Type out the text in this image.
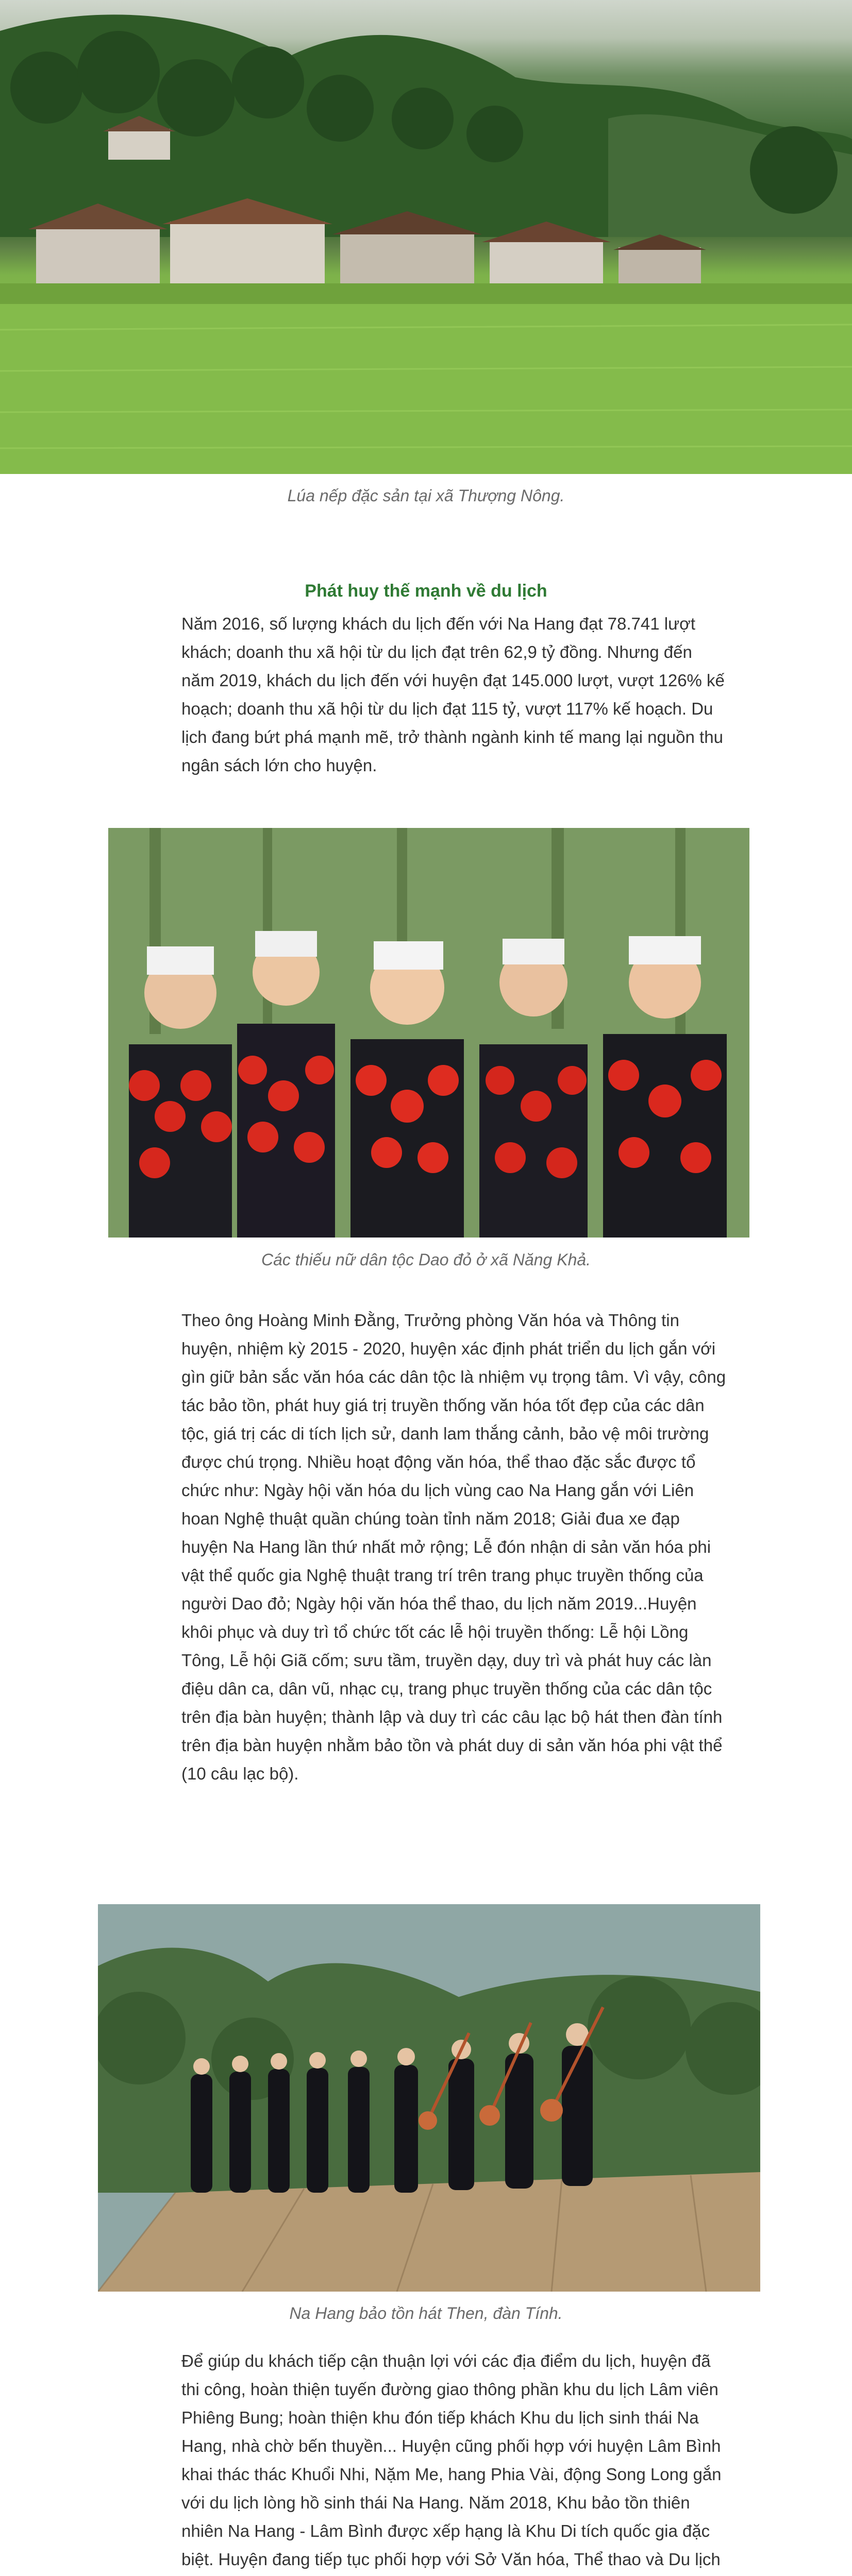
Lúa nếp đặc sản tại xã Thượng Nông.
Phát huy thế mạnh về du lịch

Năm 2016, số lượng khách du lịch đến với Na Hang đạt 78.741 lượt khách; doanh thu xã hội từ du lịch đạt trên 62,9 tỷ đồng. Nhưng đến năm 2019, khách du lịch đến với huyện đạt 145.000 lượt, vượt 126% kế hoạch; doanh thu xã hội từ du lịch đạt 115 tỷ, vượt 117% kế hoạch. Du lịch đang bứt phá mạnh mẽ, trở thành ngành kinh tế mang lại nguồn thu ngân sách lớn cho huyện.

Các thiếu nữ dân tộc Dao đỏ ở xã Năng Khả.

Theo ông Hoàng Minh Đằng, Trưởng phòng Văn hóa và Thông tin huyện, nhiệm kỳ 2015 - 2020, huyện xác định phát triển du lịch gắn với gìn giữ bản sắc văn hóa các dân tộc là nhiệm vụ trọng tâm. Vì vậy, công tác bảo tồn, phát huy giá trị truyền thống văn hóa tốt đẹp của các dân tộc, giá trị các di tích lịch sử, danh lam thắng cảnh, bảo vệ môi trường được chú trọng. Nhiều hoạt động văn hóa, thể thao đặc sắc được tổ chức như: Ngày hội văn hóa du lịch vùng cao Na Hang gắn với Liên hoan Nghệ thuật quần chúng toàn tỉnh năm 2018; Giải đua xe đạp huyện Na Hang lần thứ nhất mở rộng; Lễ đón nhận di sản văn hóa phi vật thể quốc gia Nghệ thuật trang trí trên trang phục truyền thống của người Dao đỏ; Ngày hội văn hóa thể thao, du lịch năm 2019...Huyện khôi phục và duy trì tổ chức tốt các lễ hội truyền thống: Lễ hội Lồng Tông, Lễ hội Giã cốm; sưu tầm, truyền dạy, duy trì và phát huy các làn điệu dân ca, dân vũ, nhạc cụ, trang phục truyền thống của các dân tộc trên địa bàn huyện; thành lập và duy trì các câu lạc bộ hát then đàn tính trên địa bàn huyện nhằm bảo tồn và phát duy di sản văn hóa phi vật thể (10 câu lạc bộ).

Na Hang bảo tồn hát Then, đàn Tính.

Để giúp du khách tiếp cận thuận lợi với các địa điểm du lịch, huyện đã thi công, hoàn thiện tuyến đường giao thông phần khu du lịch Lâm viên Phiêng Bung; hoàn thiện khu đón tiếp khách Khu du lịch sinh thái Na Hang, nhà chờ bến thuyền... Huyện cũng phối hợp với huyện Lâm Bình khai thác thác Khuổi Nhi, Nặm Me, hang Phia Vài, động Song Long gắn với du lịch lòng hồ sinh thái Na Hang. Năm 2018, Khu bảo tồn thiên nhiên Na Hang - Lâm Bình được xếp hạng là Khu Di tích quốc gia đặc biệt. Huyện đang tiếp tục phối hợp với Sở Văn hóa, Thể thao và Du lịch
